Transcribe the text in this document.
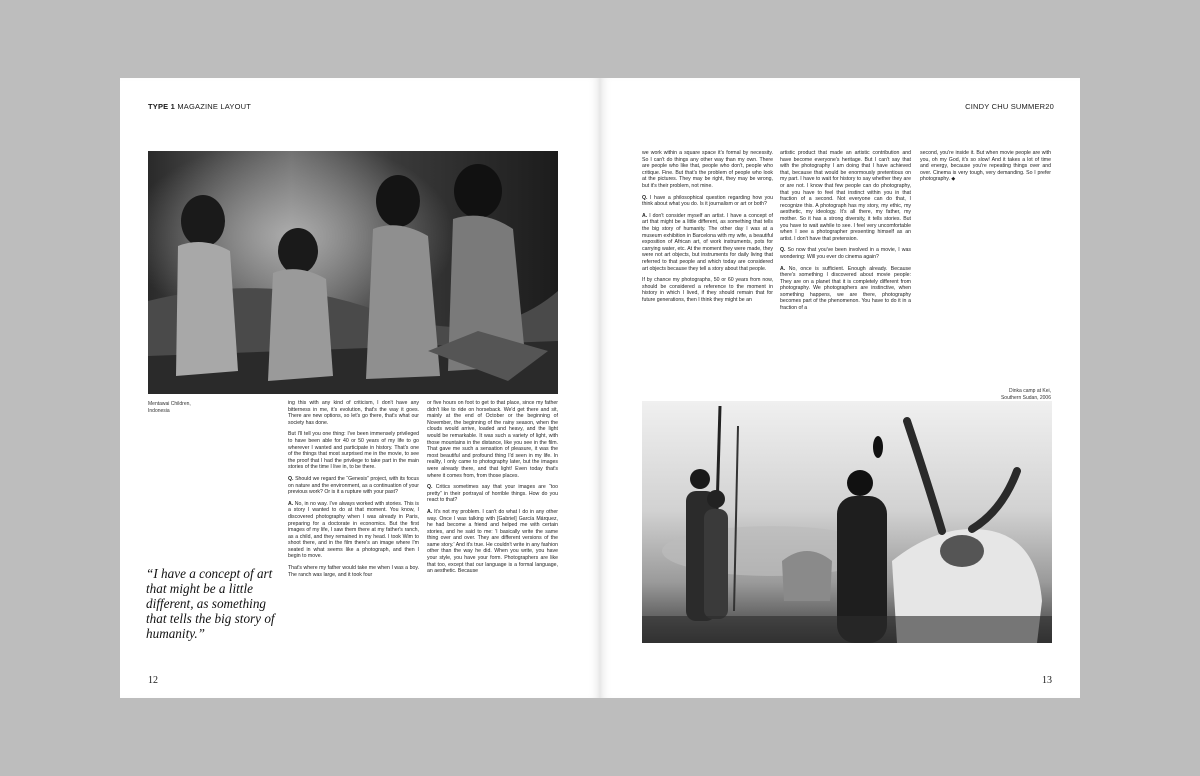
TYPE 1 MAGAZINE LAYOUT
Mentawai Children,
Indonesia
“I have a concept of art that might be a little different, as something that tells the big story of humanity.”

ing this with any kind of criticism, I don't have any bitterness in me, it's evolution, that's the way it goes. There are new options, so let's go there, that's what our society has done.

But I'll tell you one thing: I've been immensely privileged to have been able for 40 or 50 years of my life to go wherever I wanted and participate in history. That's one of the things that most surprised me in the movie, to see the proof that I had the privilege to take part in the main stories of the time I live in, to be there.

Q. Should we regard the “Genesis” project, with its focus on nature and the environment, as a continuation of your previous work? Or is it a rupture with your past?

A. No, in no way. I've always worked with stories. This is a story I wanted to do at that moment. You know, I discovered photography when I was already in Paris, preparing for a doctorate in economics. But the first images of my life, I saw them there at my father's ranch, as a child, and they remained in my head. I took Wim to shoot there, and in the film there's an image where I'm seated in what seems like a photograph, and then I begin to move.

That's where my father would take me when I was a boy. The ranch was large, and it took four

or five hours on foot to get to that place, since my father didn't like to ride on horseback. We'd get there and sit, mainly at the end of October or the beginning of November, the beginning of the rainy season, when the clouds would arrive, loaded and heavy, and the light would be remarkable. It was such a variety of light, with those mountains in the distance, like you see in the film. That gave me such a sensation of pleasure, it was the most beautiful and profound thing I'd seen in my life. In reality, I only came to photography later, but the images were already there, and that light! Even today that's where it comes from, from those places.

Q. Critics sometimes say that your images are “too pretty” in their portrayal of horrible things. How do you react to that?

A. It's not my problem. I can't do what I do in any other way. Once I was talking with [Gabriel] García Márquez, he had become a friend and helped me with certain stories, and he said to me: 'I basically write the same thing over and over. They are different versions of the same story.' And it's true. He couldn't write in any fashion other than the way he did. When you write, you have your style, you have your form. Photographers are like that too, except that our language is a formal language, an aesthetic. Because

12
CINDY CHU SUMMER20

we work within a square space it's formal by necessity. So I can't do things any other way than my own. There are people who like that, people who don't, people who critique. Fine. But that's the problem of people who look at the pictures. They may be right, they may be wrong, but it's their problem, not mine.

Q. I have a philosophical question regarding how you think about what you do. Is it journalism or art or both?

A. I don't consider myself an artist. I have a concept of art that might be a little different, as something that tells the big story of humanity. The other day I was at a museum exhibition in Barcelona with my wife, a beautiful exposition of African art, of work instruments, pots for carrying water, etc. At the moment they were made, they were not art objects, but instruments for daily living that referred to that people and which today are considered art objects because they tell a story about that people.

If by chance my photographs, 50 or 60 years from now, should be considered a reference to the moment in history in which I lived, if they should remain that for future generations, then I think they might be an

artistic product that made an artistic contribution and have become everyone's heritage. But I can't say that with the photography I am doing that I have achieved that, because that would be enormously pretentious on my part. I have to wait for history to say whether they are or are not. I know that few people can do photography, that you have to feel that instinct within you in that fraction of a second. Not everyone can do that, I recognize this. A photograph has my story, my ethic, my aesthetic, my ideology. It's all there, my father, my mother. So it has a strong diversity, it tells stories. But you have to wait awhile to see. I feel very uncomfortable when I see a photographer presenting himself as an artist. I don't have that pretension.

Q. So now that you've been involved in a movie, I was wondering: Will you ever do cinema again?

A. No, once is sufficient. Enough already. Because there's something I discovered about movie people: They are on a planet that it is completely different from photography. We photographers are instinctive, when something happens, we are there, photography becomes part of the phenomenon. You have to do it in a fraction of a

second, you're inside it. But when movie people are with you, oh my God, it's so slow! And it takes a lot of time and energy, because you're repeating things over and over. Cinema is very tough, very demanding. So I prefer photography. ◆

Dinka camp at Kei,
Southern Sudan, 2006
13
